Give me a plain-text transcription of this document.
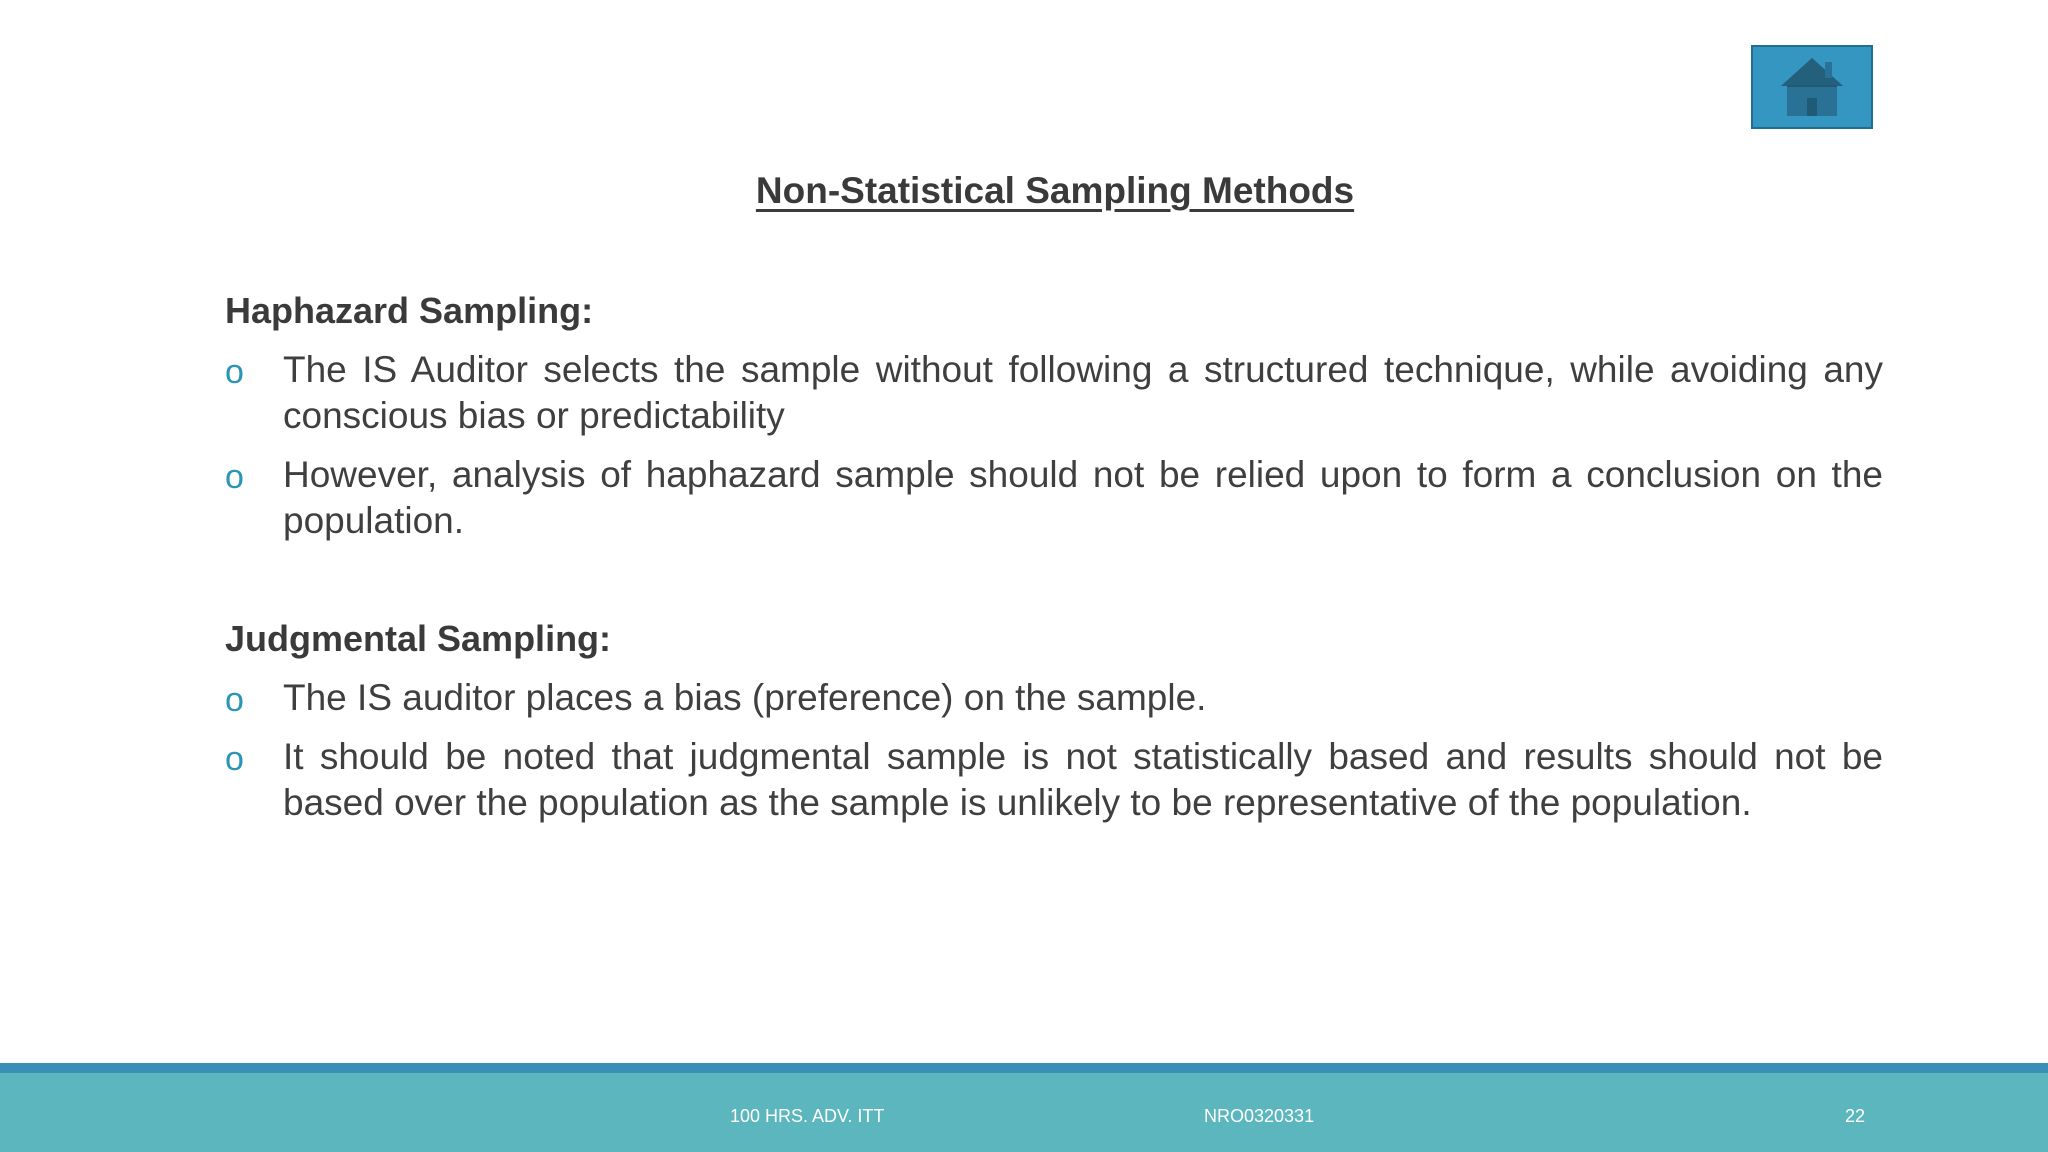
Non-Statistical Sampling Methods

Haphazard Sampling:

o The IS Auditor selects the sample without following a structured technique, while avoiding any conscious bias or predictability
o However, analysis of haphazard sample should not be relied upon to form a conclusion on the population.

Judgmental Sampling:

o The IS auditor places a bias (preference) on the sample.
o It should be noted that judgmental sample is not statistically based and results should not be based over the population as the sample is unlikely to be representative of the population.
100 HRS. ADV. ITT	NRO0320331	22
